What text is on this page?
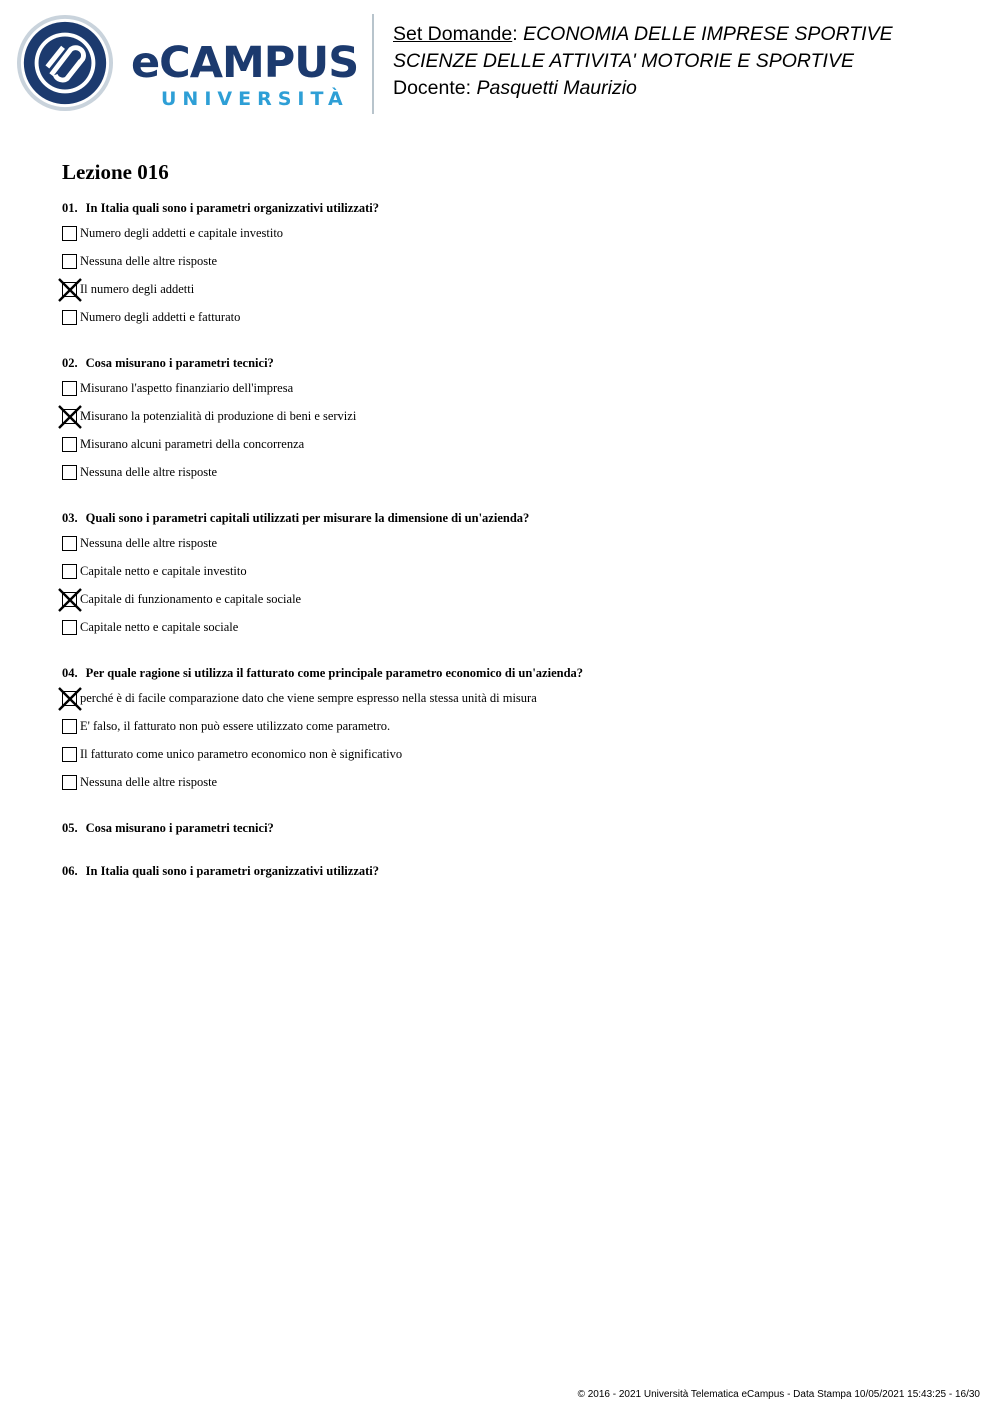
eCAMPUS
UNIVERSITÀ
Set Domande: ECONOMIA DELLE IMPRESE SPORTIVE
SCIENZE DELLE ATTIVITA' MOTORIE E SPORTIVE
Docente: Pasquetti Maurizio
Lezione 016
01. In Italia quali sono i parametri organizzativi utilizzati?
Numero degli addetti e capitale investito
Nessuna delle altre risposte
Il numero degli addetti
Numero degli addetti e fatturato
02. Cosa misurano i parametri tecnici?
Misurano l'aspetto finanziario dell'impresa
Misurano la potenzialità di produzione di beni e servizi
Misurano alcuni parametri della concorrenza
Nessuna delle altre risposte
03. Quali sono i parametri capitali utilizzati per misurare la dimensione di un'azienda?
Nessuna delle altre risposte
Capitale netto e capitale investito
Capitale di funzionamento e capitale sociale
Capitale netto e capitale sociale
04. Per quale ragione si utilizza il fatturato come principale parametro economico di un'azienda?
perché è di facile comparazione dato che viene sempre espresso nella stessa unità di misura
E' falso, il fatturato non può essere utilizzato come parametro.
Il fatturato come unico parametro economico non è significativo
Nessuna delle altre risposte
05. Cosa misurano i parametri tecnici?
06. In Italia quali sono i parametri organizzativi utilizzati?
© 2016 - 2021 Università Telematica eCampus - Data Stampa 10/05/2021 15:43:25 - 16/30
